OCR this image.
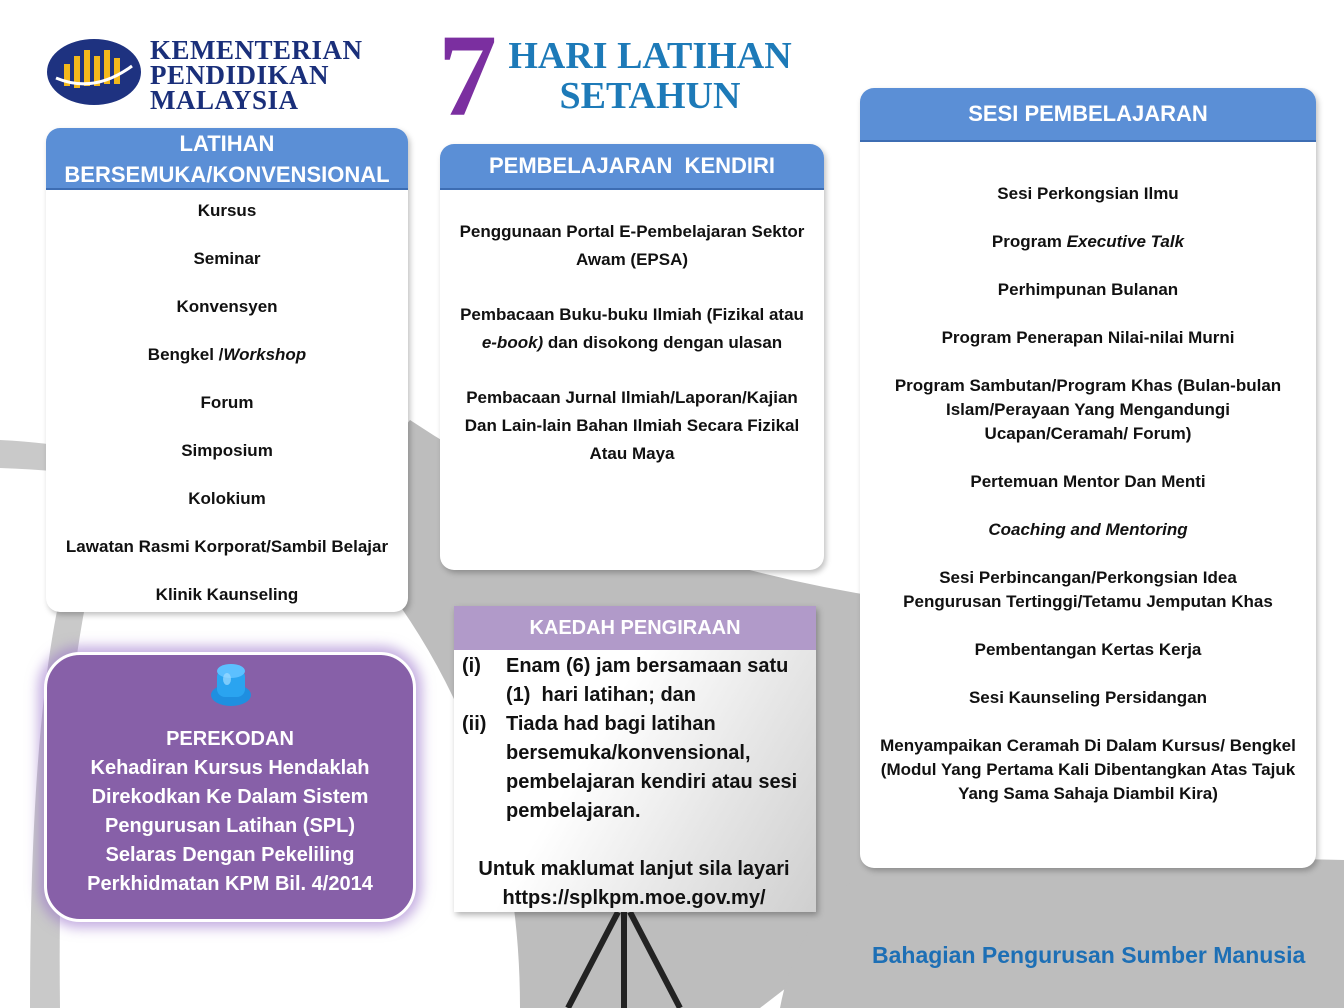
KEMENTERIAN
PENDIDIKAN
MALAYSIA	7 HARI LATIHAN
SETAHUN
LATIHAN
BERSEMUKA/KONVENSIONAL
Kursus
Seminar
Konvensyen
Bengkel /Workshop
Forum
Simposium
Kolokium
Lawatan Rasmi Korporat/Sambil Belajar
Klinik Kaunseling
PEMBELAJARAN  KENDIRI
Penggunaan Portal E-Pembelajaran Sektor Awam (EPSA)
Pembacaan Buku-buku Ilmiah (Fizikal atau e-book) dan disokong dengan ulasan
Pembacaan Jurnal Ilmiah/Laporan/Kajian Dan Lain-lain Bahan Ilmiah Secara Fizikal Atau Maya
SESI PEMBELAJARAN
Sesi Perkongsian Ilmu
Program Executive Talk
Perhimpunan Bulanan
Program Penerapan Nilai-nilai Murni
Program Sambutan/Program Khas (Bulan-bulan Islam/Perayaan Yang Mengandungi Ucapan/Ceramah/ Forum)
Pertemuan Mentor Dan Menti
Coaching and Mentoring
Sesi Perbincangan/Perkongsian Idea Pengurusan Tertinggi/Tetamu Jemputan Khas
Pembentangan Kertas Kerja
Sesi Kaunseling Persidangan
Menyampaikan Ceramah Di Dalam Kursus/ Bengkel (Modul Yang Pertama Kali Dibentangkan Atas Tajuk Yang Sama Sahaja Diambil Kira)
PEREKODAN
Kehadiran Kursus Hendaklah Direkodkan Ke Dalam Sistem Pengurusan Latihan (SPL) Selaras Dengan Pekeliling Perkhidmatan KPM Bil. 4/2014
KAEDAH PENGIRAAN
(i)	Enam (6) jam bersamaan satu (1)  hari latihan; dan
(ii) Tiada had bagi latihan bersemuka/konvensional, pembelajaran kendiri atau sesi pembelajaran.
Untuk maklumat lanjut sila layari
https://splkpm.moe.gov.my/
Bahagian Pengurusan Sumber Manusia
